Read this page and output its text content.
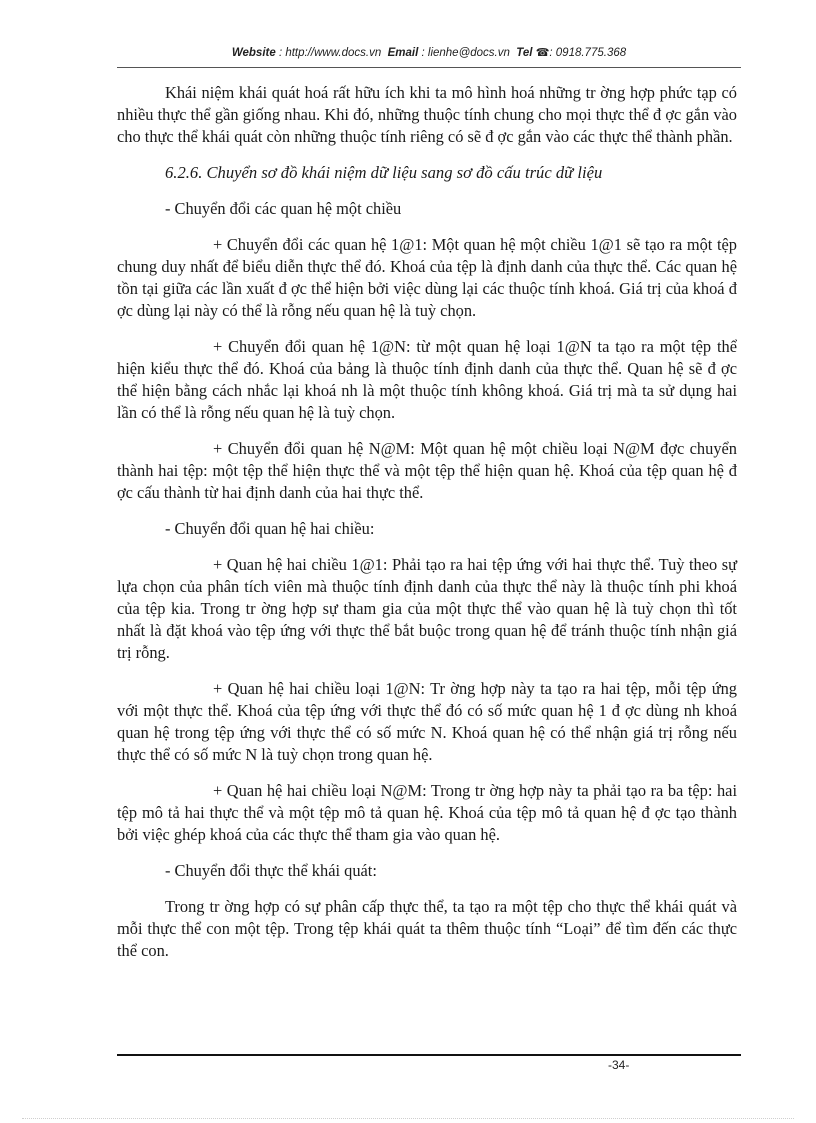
Website : http://www.docs.vn Email : lienhe@docs.vn Tel ☎: 0918.775.368

Khái niệm khái quát hoá rất hữu ích khi ta mô hình hoá những tr ờng hợp phức tạp có nhiều thực thể gần giống nhau. Khi đó, những thuộc tính chung cho mọi thực thể đ ợc gắn vào cho thực thể khái quát còn những thuộc tính riêng có sẽ đ ợc gắn vào các thực thể thành phần.

6.2.6. Chuyển sơ đồ khái niệm dữ liệu sang sơ đồ cấu trúc dữ liệu

- Chuyển đổi các quan hệ một chiều

+ Chuyển đổi các quan hệ 1@1: Một quan hệ một chiều 1@1 sẽ tạo ra một tệp chung duy nhất để biểu diễn thực thể đó. Khoá của tệp là định danh của thực thể. Các quan hệ tồn tại giữa các lần xuất đ ợc thể hiện bởi việc dùng lại các thuộc tính khoá. Giá trị của khoá đ ợc dùng lại này có thể là rỗng nếu quan hệ là tuỳ chọn.

+ Chuyển đổi quan hệ 1@N: từ một quan hệ loại 1@N ta tạo ra một tệp thể hiện kiểu thực thể đó. Khoá của bảng là thuộc tính định danh của thực thể. Quan hệ sẽ đ ợc thể hiện bằng cách nhắc lại khoá nh là một thuộc tính không khoá. Giá trị mà ta sử dụng hai lần có thể là rỗng nếu quan hệ là tuỳ chọn.

+ Chuyển đổi quan hệ N@M: Một quan hệ một chiều loại N@M đợc chuyển thành hai tệp: một tệp thể hiện thực thể và một tệp thể hiện quan hệ. Khoá của tệp quan hệ đ ợc cấu thành từ hai định danh của hai thực thể.

- Chuyển đổi quan hệ hai chiều:

+ Quan hệ hai chiều 1@1: Phải tạo ra hai tệp ứng với hai thực thể. Tuỳ theo sự lựa chọn của phân tích viên mà thuộc tính định danh của thực thể này là thuộc tính phi khoá của tệp kia. Trong tr ờng hợp sự tham gia của một thực thể vào quan hệ là tuỳ chọn thì tốt nhất là đặt khoá vào tệp ứng với thực thể bắt buộc trong quan hệ để tránh thuộc tính nhận giá trị rỗng.

+ Quan hệ hai chiều loại 1@N: Tr ờng hợp này ta tạo ra hai tệp, mỗi tệp ứng với một thực thể. Khoá của tệp ứng với thực thể đó có số mức quan hệ 1 đ ợc dùng nh khoá quan hệ trong tệp ứng với thực thể có số mức N. Khoá quan hệ có thể nhận giá trị rỗng nếu thực thể có số mức N là tuỳ chọn trong quan hệ.

+ Quan hệ hai chiều loại N@M: Trong tr ờng hợp này ta phải tạo ra ba tệp: hai tệp mô tả hai thực thể và một tệp mô tả quan hệ. Khoá của tệp mô tả quan hệ đ ợc tạo thành bởi việc ghép khoá của các thực thể tham gia vào quan hệ.

- Chuyển đổi thực thể khái quát:

Trong tr ờng hợp có sự phân cấp thực thể, ta tạo ra một tệp cho thực thể khái quát và mỗi thực thể con một tệp. Trong tệp khái quát ta thêm thuộc tính “Loại” để tìm đến các thực thể con.

-34-
